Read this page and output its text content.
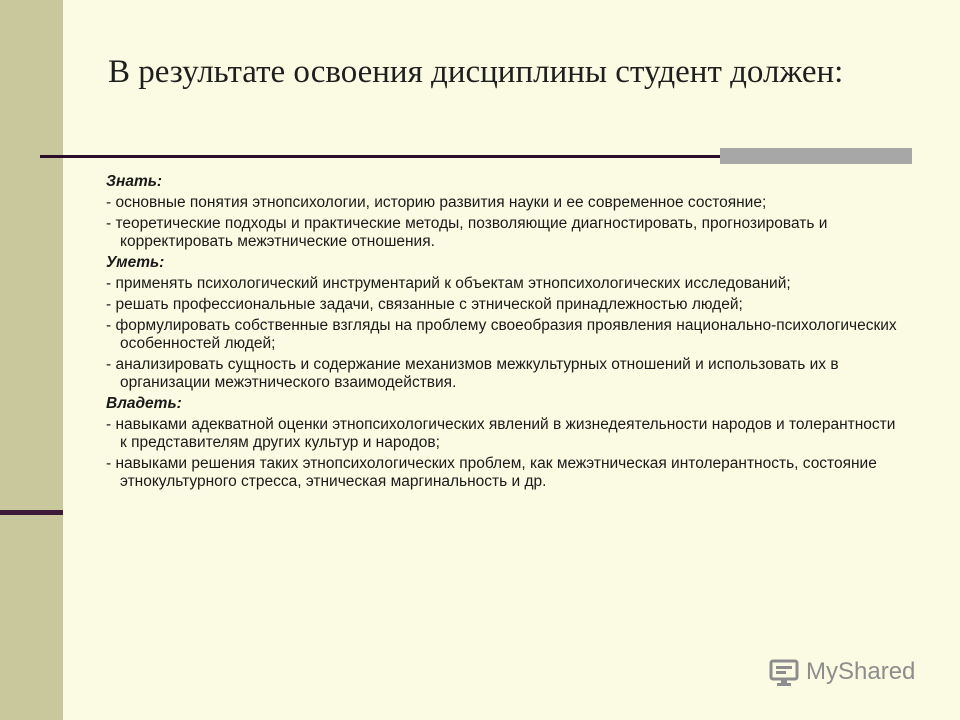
В результате освоения дисциплины студент должен:
Знать:
- основные понятия этнопсихологии, историю развития науки и ее современное состояние;
- теоретические подходы и практические методы, позволяющие диагностировать, прогнозировать и корректировать межэтнические отношения.
Уметь:
- применять психологический инструментарий к объектам этнопсихологических исследований;
- решать профессиональные задачи, связанные с этнической принадлежностью людей;
- формулировать собственные взгляды на проблему своеобразия проявления национально-психологических особенностей людей;
- анализировать сущность и содержание механизмов межкультурных отношений и использовать их в организации межэтнического взаимодействия.
Владеть:
- навыками адекватной оценки этнопсихологических явлений в жизнедеятельности народов и толерантности к представителям других культур и народов;
- навыками решения таких этнопсихологических проблем, как межэтническая интолерантность, состояние этнокультурного стресса, этническая маргинальность и др.
MyShared
